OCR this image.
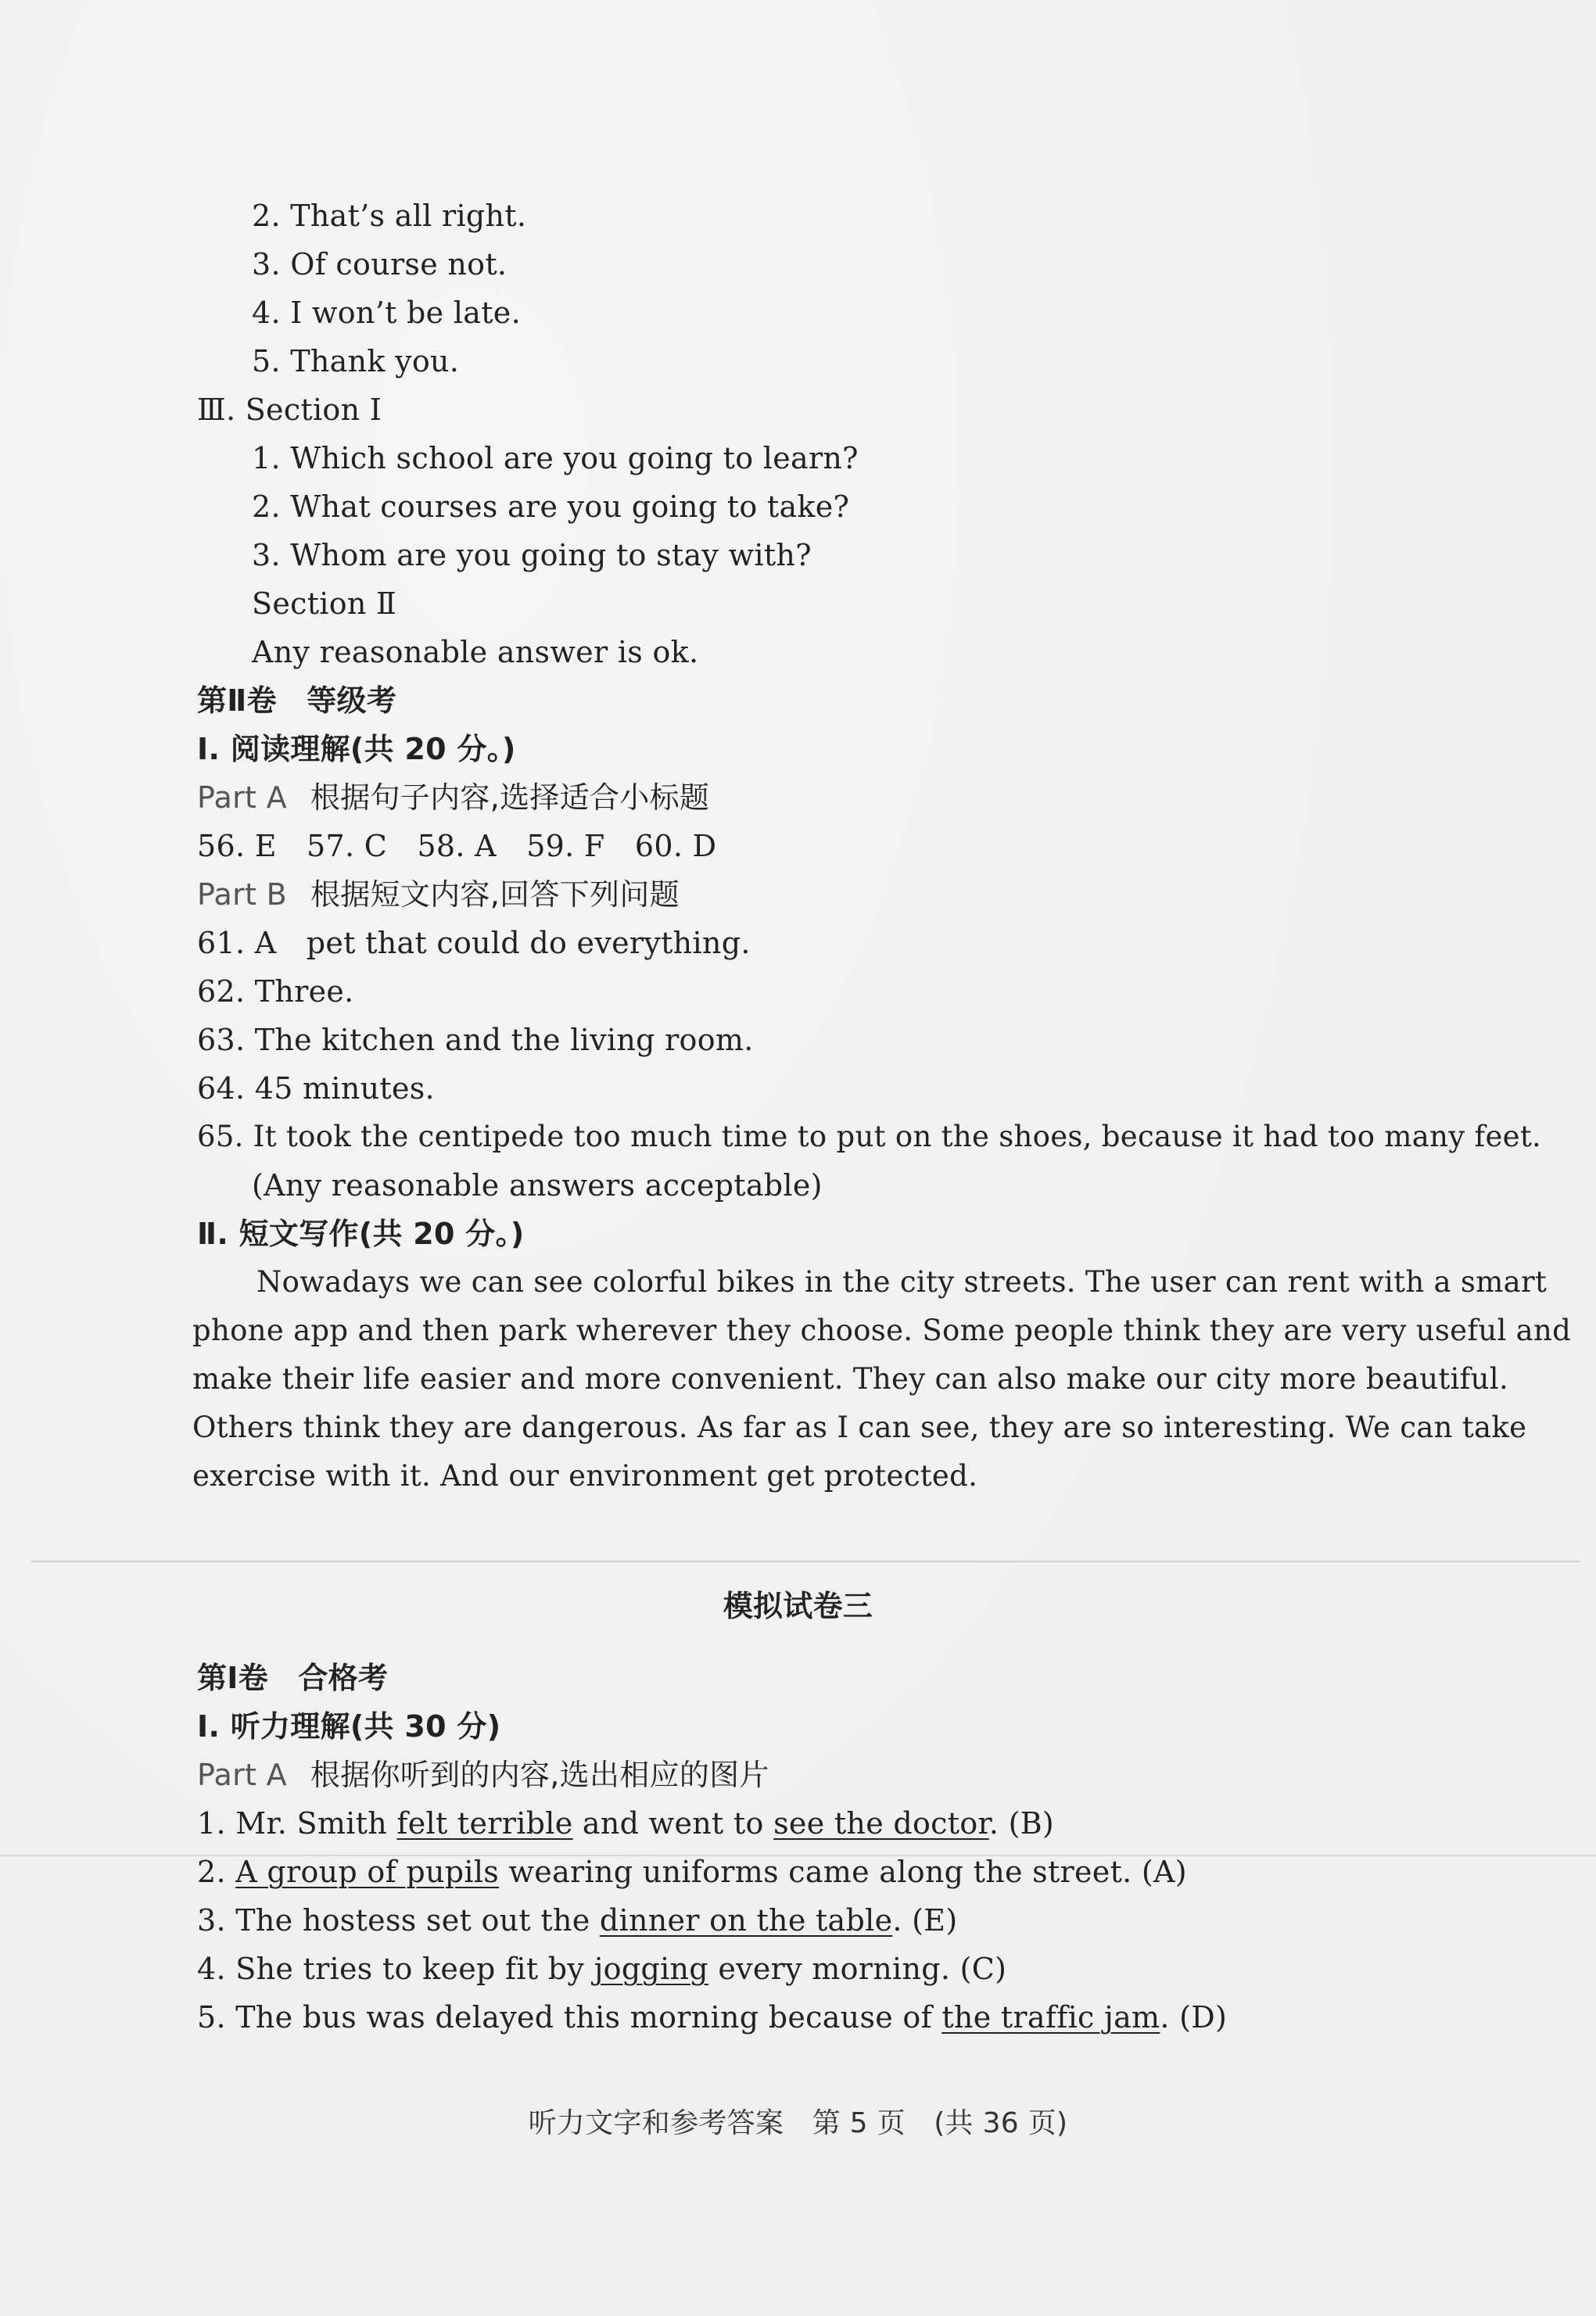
2. That’s all right.
3. Of course not.
4. I won’t be late.
5. Thank you.
Ⅲ. Section Ⅰ
1. Which school are you going to learn?
2. What courses are you going to take?
3. Whom are you going to stay with?
Section Ⅱ
Any reasonable answer is ok.
第Ⅱ卷　等级考
Ⅰ. 阅读理解(共 20 分。)
Part A 根据句子内容,选择适合小标题
56. E　57. C　58. A　59. F　60. D
Part B 根据短文内容,回答下列问题
61. A　pet that could do everything.
62. Three.
63. The kitchen and the living room.
64. 45 minutes.
65. It took the centipede too much time to put on the shoes, because it had too many feet.
(Any reasonable answers acceptable)
Ⅱ. 短文写作(共 20 分。)
Nowadays we can see colorful bikes in the city streets. The user can rent with a smart
phone app and then park wherever they choose. Some people think they are very useful and
make their life easier and more convenient. They can also make our city more beautiful.
Others think they are dangerous. As far as I can see, they are so interesting. We can take
exercise with it. And our environment get protected.
模拟试卷三
第Ⅰ卷　合格考
Ⅰ. 听力理解(共 30 分)
Part A 根据你听到的内容,选出相应的图片
1. Mr. Smith felt terrible and went to see the doctor. (B)
2. A group of pupils wearing uniforms came along the street. (A)
3. The hostess set out the dinner on the table. (E)
4. She tries to keep fit by jogging every morning. (C)
5. The bus was delayed this morning because of the traffic jam. (D)
听力文字和参考答案　第 5 页　(共 36 页)
